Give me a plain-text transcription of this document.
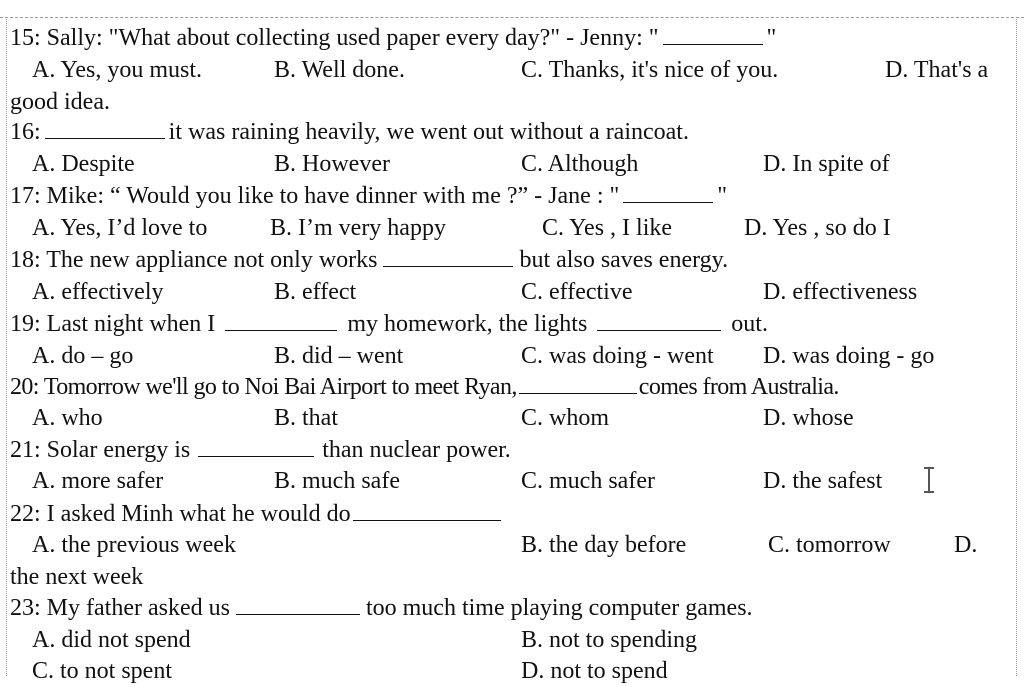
15: Sally: "What about collecting used paper every day?" - Jenny: "	"
A. Yes, you must.	B. Well done.	C. Thanks, it's nice of you.	D. That's a
good idea.
16:	it was raining heavily, we went out without a raincoat.
A. Despite	B. However	C. Although	D. In spite of
17: Mike: “ Would you like to have dinner with me ?” - Jane : "	"
A. Yes, I’d love to	B. I’m very happy	C. Yes , I like	D. Yes , so do I
18: The new appliance not only works	but also saves energy.
A. effectively	B. effect	C. effective	D. effectiveness
19: Last night when I	my homework, the lights	out.
A. do – go	B. did – went	C. was doing - went D. was doing - go
20: Tomorrow we'll go to Noi Bai Airport to meet Ryan,	comes from Australia.
A. who	B. that	C. whom	D. whose
21: Solar energy is	than nuclear power.
A. more safer	B. much safe	C. much safer	D. the safest
22: I asked Minh what he would do
A. the previous week	B. the day before	C. tomorrow	D.
the next week
23: My father asked us	too much time playing computer games.
A. did not spend	B. not to spending
C. to not spent	D. not to spend
